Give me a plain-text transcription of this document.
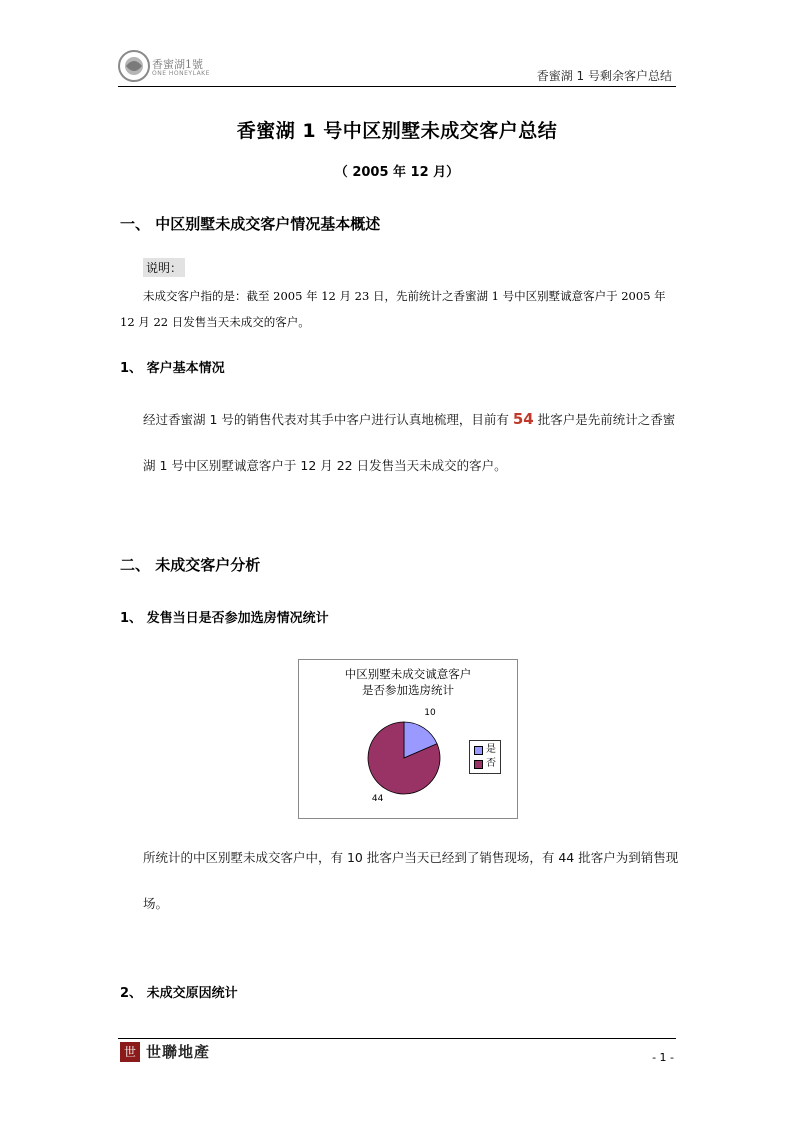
香蜜湖1號
ONE HONEYLAKE	香蜜湖 1 号剩余客户总结
香蜜湖 1 号中区别墅未成交客户总结
（ 2005 年 12 月）
一、 中区别墅未成交客户情况基本概述
说明：
未成交客户指的是：截至 2005 年 12 月 23 日，先前统计之香蜜湖 1 号中区别墅诚意客户于 2005 年 12 月 22 日发售当天未成交的客户。
1、 客户基本情况
经过香蜜湖 1 号的销售代表对其手中客户进行认真地梳理，目前有 54 批客户是先前统计之香蜜湖 1 号中区别墅诚意客户于 12 月 22 日发售当天未成交的客户。
二、 未成交客户分析
1、 发售当日是否参加选房情况统计
中区别墅未成交诚意客户
是否参加选房统计
10
44
是
否
所统计的中区别墅未成交客户中，有 10 批客户当天已经到了销售现场，有 44 批客户为到销售现场。
2、 未成交原因统计
世 世聯地產	- 1 -
